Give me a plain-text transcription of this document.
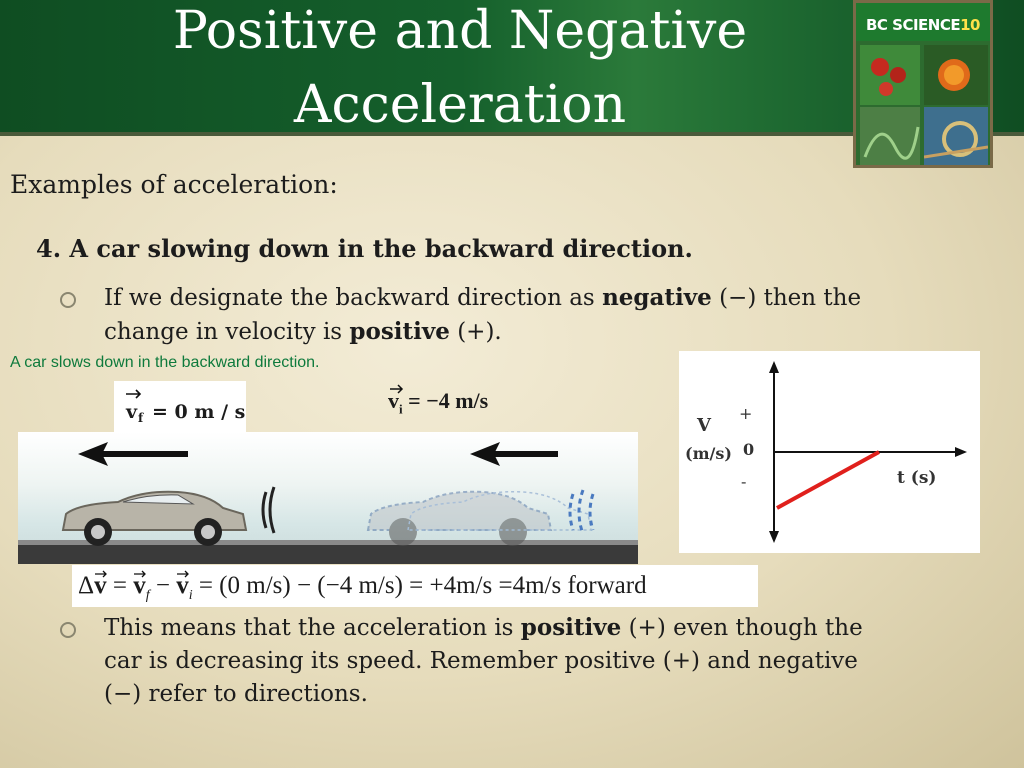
Positive and Negative
Acceleration
BC SCIENCE10
Examples of acceleration:
4. A car slowing down in the backward direction.
If we designate the backward direction as negative (−) then the change in velocity is positive (+).
A car slows down in the backward direction.
v f = 0 m / s	$v_i = -4$ m/s
V
(m/s)
+
0
-	t (s)
Δv
= v
$_f$ − v
$_i$ = (0 m/s) − (−4 m/s) = +4m/s =4m/s forward
This means that the acceleration is positive (+) even though the car is decreasing its speed. Remember positive (+) and negative (−) refer to directions.
